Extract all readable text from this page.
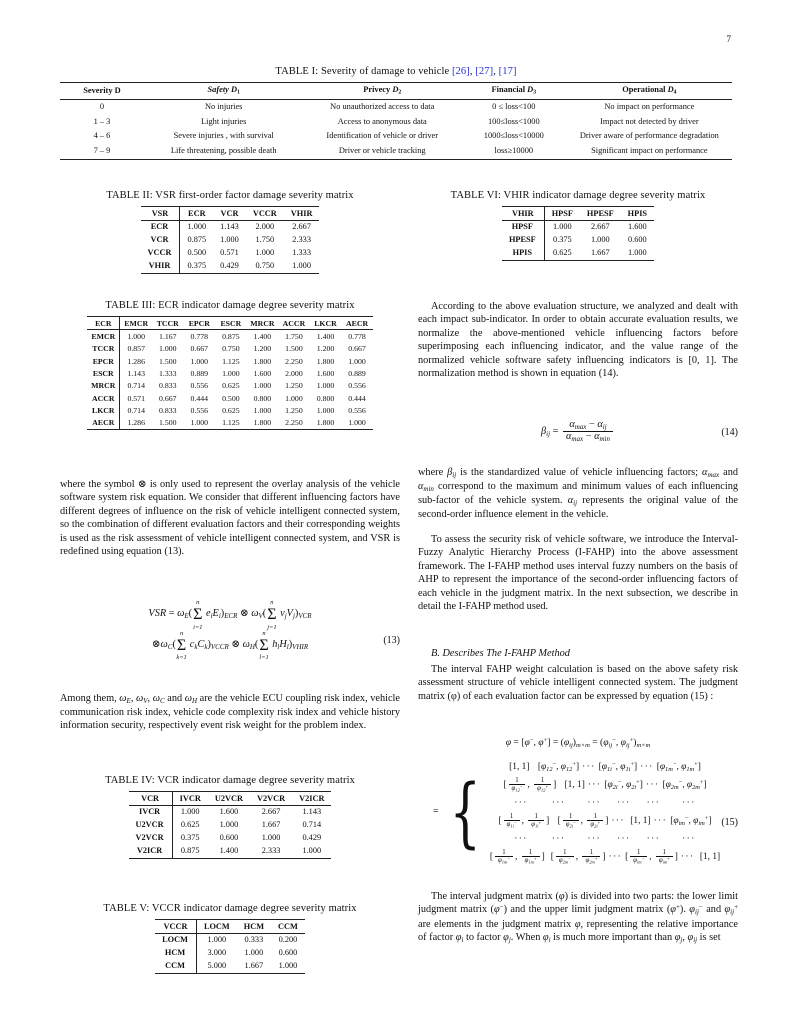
7
TABLE I: Severity of damage to vehicle [26], [27], [17]
Severity D	Safety D1	Privecy D2	Financial D3	Operational D4
0	No injuries	No unauthorized access to data	0 ≤ loss<100	No impact on performance
1 – 3	Light injuries	Access to anonymous data	100≤loss<1000	Impact not detected by driver
4 – 6	Severe injuries , with survival	Identification of vehicle or driver	1000≤loss<10000	Driver aware of performance degradation
7 – 9	Life threatening, possible death	Driver or vehicle tracking	loss≥10000	Significant impact on performance
TABLE II: VSR first-order factor damage severity matrix
VSR	ECR	VCR	VCCR	VHIR
ECR	1.000	1.143	2.000	2.667
VCR	0.875	1.000	1.750	2.333
VCCR	0.500	0.571	1.000	1.333
VHIR	0.375	0.429	0.750	1.000
TABLE III: ECR indicator damage degree severity matrix
ECR	EMCR	TCCR	EPCR	ESCR	MRCR	ACCR	LKCR	AECR
EMCR	1.000	1.167	0.778	0.875	1.400	1.750	1.400	0.778
TCCR	0.857	1.000	0.667	0.750	1.200	1.500	1.200	0.667
EPCR	1.286	1.500	1.000	1.125	1.800	2.250	1.800	1.000
ESCR	1.143	1.333	0.889	1.000	1.600	2.000	1.600	0.889
MRCR	0.714	0.833	0.556	0.625	1.000	1.250	1.000	0.556
ACCR	0.571	0.667	0.444	0.500	0.800	1.000	0.800	0.444
LKCR	0.714	0.833	0.556	0.625	1.000	1.250	1.000	0.556
AECR	1.286	1.500	1.000	1.125	1.800	2.250	1.800	1.000

where the symbol ⊗ is only used to represent the overlay analysis of the vehicle software system risk equation. We consider that different influencing factors have different degrees of influence on the risk of vehicle intelligent connected system, so the combination of different evaluation factors and their corresponding weights is used as the risk assessment of vehicle intelligent connected system, and VSR is redefined using equation (13).

VSR = $\omega_E$(
n
Σ
i=1
$e_iE_i)_{ECR}$ ⊗ $\omega_V$(
n
Σ
j=1
$v_jV_j)_{VCR}$
$\otimes\omega_C$(
n
Σ
k=1
$c_kC_k)_{VCCR}$ ⊗ $\omega_H$(
n
Σ
l=1
$h_lH_l)_{VHIR}$
(13)

Among them, $\omega_E$, $\omega_V$, $\omega_C$ and $\omega_H$ are the vehicle ECU coupling risk index, vehicle communication risk index, vehicle code complexity risk index and vehicle history information security, respectively event risk weight for the problem index.

TABLE IV: VCR indicator damage degree severity matrix
VCR	IVCR	U2VCR	V2VCR	V2ICR
IVCR	1.000	1.600	2.667	1.143
U2VCR	0.625	1.000	1.667	0.714
V2VCR	0.375	0.600	1.000	0.429
V2ICR	0.875	1.400	2.333	1.000
TABLE V: VCCR indicator damage degree severity matrix
VCCR	LOCM	HCM	CCM
LOCM	1.000	0.333	0.200
HCM	3.000	1.000	0.600
CCM	5.000	1.667	1.000
TABLE VI: VHIR indicator damage degree severity matrix
VHIR	HPSF	HPESF	HPIS
HPSF	1.000	2.667	1.600
HPESF	0.375	1.000	0.600
HPIS	0.625	1.667	1.000

According to the above evaluation structure, we analyzed and dealt with each impact sub-indicator. In order to obtain accurate evaluation results, we normalize the above-mentioned vehicle influencing factors before superimposing each influencing indicator, and the value range of the normalized vehicle software safety influencing indicators is [0, 1]. The normalization method is shown in equation (14).

$\beta_{ij} = \frac{\alpha_{max} - \alpha_{ij}}{\alpha_{max} - \alpha_{min}}$	(14)

where $\beta_{ij}$ is the standardized value of vehicle influencing factors; $\alpha_{max}$ and $\alpha_{min}$ correspond to the maximum and minimum values of each influencing sub-factor of the vehicle system. $\alpha_{ij}$ represents the original value of the second-order influence element in the vehicle.

To assess the security risk of vehicle software, we introduce the Interval-Fuzzy Analytic Hierarchy Process (I-FAHP) into the above assessment framework. The I-FAHP method uses interval fuzzy numbers on the basis of AHP to represent the importance of the second-order influencing factors of each vehicle in the judgment matrix. In the next subsection, we describe in detail the I-FAHP method used.

B. Describes The I-FAHP Method

The interval FAHP weight calculation is based on the above safety risk assessment structure of vehicle intelligent connected system. The judgment matrix (φ) of each evaluation factor can be expressed by equation (15) :

φ = [φ−, $\varphi^+] = (\varphi_{ij})_{m\times m} = (\varphi_{ij}^-$, $\varphi_{ij}^+)_{m\times m}$
= {
[1, 1] [$\varphi_{12}^-$, $\varphi_{12}^+$] ··· [$\varphi_{1i}^-$, $\varphi_{1i}^+$] ··· [$\varphi_{1m}^-$, $\varphi_{1m}^+$]
[ $\frac{1}{\varphi_{12}^-}$ , $\frac{1}{\varphi_{12}^+}$ ] [1, 1] ··· [$\varphi_{2i}^-$, $\varphi_{2i}^+$] ··· [$\varphi_{2m}^-$, $\varphi_{2m}^+$]
···	··· ··· ··· ··· ···
[ $\frac{1}{\varphi_{1i}^-}$ , $\frac{1}{\varphi_{1i}^+}$ ] [ $\frac{1}{\varphi_{2i}^-}$ , $\frac{1}{\varphi_{2i}^+}$ ] ··· [1, 1] ··· [$\varphi_{im}^-$, $\varphi_{im}^+$]
···	··· ··· ··· ··· ···
[ $\frac{1}{\varphi_{1m}^-}$ , $\frac{1}{\varphi_{1m}^+}$ ] [ $\frac{1}{\varphi_{2m}^-}$ , $\frac{1}{\varphi_{2m}^+}$ ] ··· [ $\frac{1}{\varphi_{im}^-}$ , $\frac{1}{\varphi_{im}^+}$ ] ··· [1, 1]
(15)

The interval judgment matrix (φ) is divided into two parts: the lower limit judgment matrix (φ−) and the upper limit judgment matrix (φ+). $\varphi_{ij}^-$ and $\varphi_{ij}^+$ are elements in the judgment matrix φ, representing the relative importance of factor $\varphi_i$ to factor $\varphi_j$. When $\varphi_i$ is much more important than $\varphi_j$, $\varphi_{ij}$ is set
